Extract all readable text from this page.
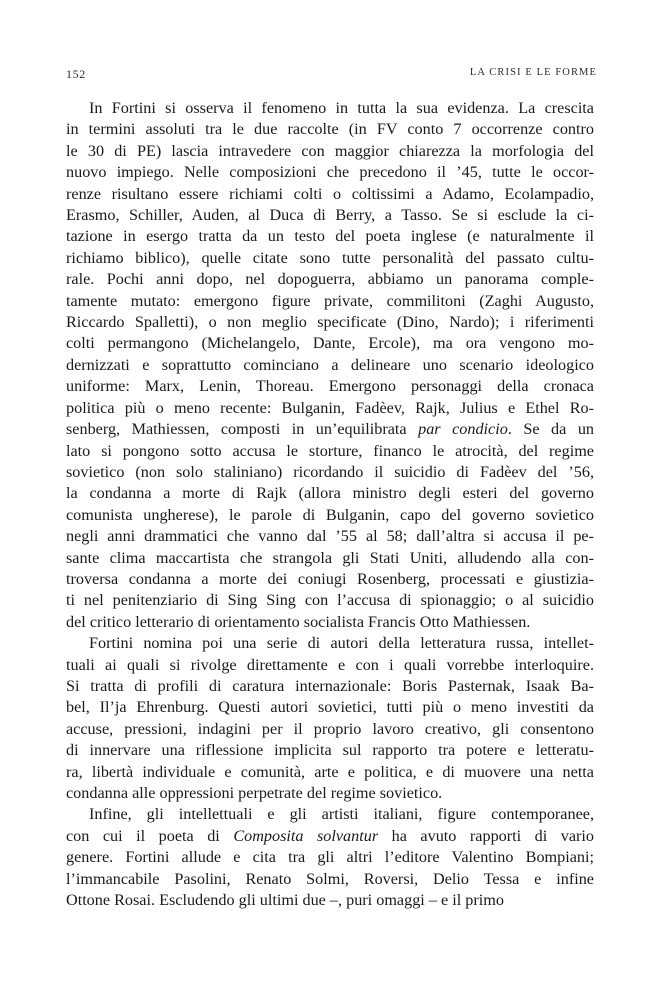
152	LA CRISI E LE FORME
In Fortini si osserva il fenomeno in tutta la sua evidenza. La crescita
in termini assoluti tra le due raccolte (in FV conto 7 occorrenze contro
le 30 di PE) lascia intravedere con maggior chiarezza la morfologia del
nuovo impiego. Nelle composizioni che precedono il ’45, tutte le occor-
renze risultano essere richiami colti o coltissimi a Adamo, Ecolampadio,
Erasmo, Schiller, Auden, al Duca di Berry, a Tasso. Se si esclude la ci-
tazione in esergo tratta da un testo del poeta inglese (e naturalmente il
richiamo biblico), quelle citate sono tutte personalità del passato cultu-
rale. Pochi anni dopo, nel dopoguerra, abbiamo un panorama comple-
tamente mutato: emergono figure private, commilitoni (Zaghi Augusto,
Riccardo Spalletti), o non meglio specificate (Dino, Nardo); i riferimenti
colti permangono (Michelangelo, Dante, Ercole), ma ora vengono mo-
dernizzati e soprattutto cominciano a delineare uno scenario ideologico
uniforme: Marx, Lenin, Thoreau. Emergono personaggi della cronaca
politica più o meno recente: Bulganin, Fadèev, Rajk, Julius e Ethel Ro-
senberg, Mathiessen, composti in un’equilibrata par condicio. Se da un
lato si pongono sotto accusa le storture, financo le atrocità, del regime
sovietico (non solo staliniano) ricordando il suicidio di Fadèev del ’56,
la condanna a morte di Rajk (allora ministro degli esteri del governo
comunista ungherese), le parole di Bulganin, capo del governo sovietico
negli anni drammatici che vanno dal ’55 al 58; dall’altra si accusa il pe-
sante clima maccartista che strangola gli Stati Uniti, alludendo alla con-
troversa condanna a morte dei coniugi Rosenberg, processati e giustizia-
ti nel penitenziario di Sing Sing con l’accusa di spionaggio; o al suicidio
del critico letterario di orientamento socialista Francis Otto Mathiessen.
Fortini nomina poi una serie di autori della letteratura russa, intellet-
tuali ai quali si rivolge direttamente e con i quali vorrebbe interloquire.
Si tratta di profili di caratura internazionale: Boris Pasternak, Isaak Ba-
bel, Il’ja Ehrenburg. Questi autori sovietici, tutti più o meno investiti da
accuse, pressioni, indagini per il proprio lavoro creativo, gli consentono
di innervare una riflessione implicita sul rapporto tra potere e letteratu-
ra, libertà individuale e comunità, arte e politica, e di muovere una netta
condanna alle oppressioni perpetrate del regime sovietico.
Infine, gli intellettuali e gli artisti italiani, figure contemporanee,
con cui il poeta di Composita solvantur ha avuto rapporti di vario
genere. Fortini allude e cita tra gli altri l’editore Valentino Bompiani;
l’immancabile Pasolini, Renato Solmi, Roversi, Delio Tessa e infine
Ottone Rosai. Escludendo gli ultimi due –, puri omaggi – e il primo
